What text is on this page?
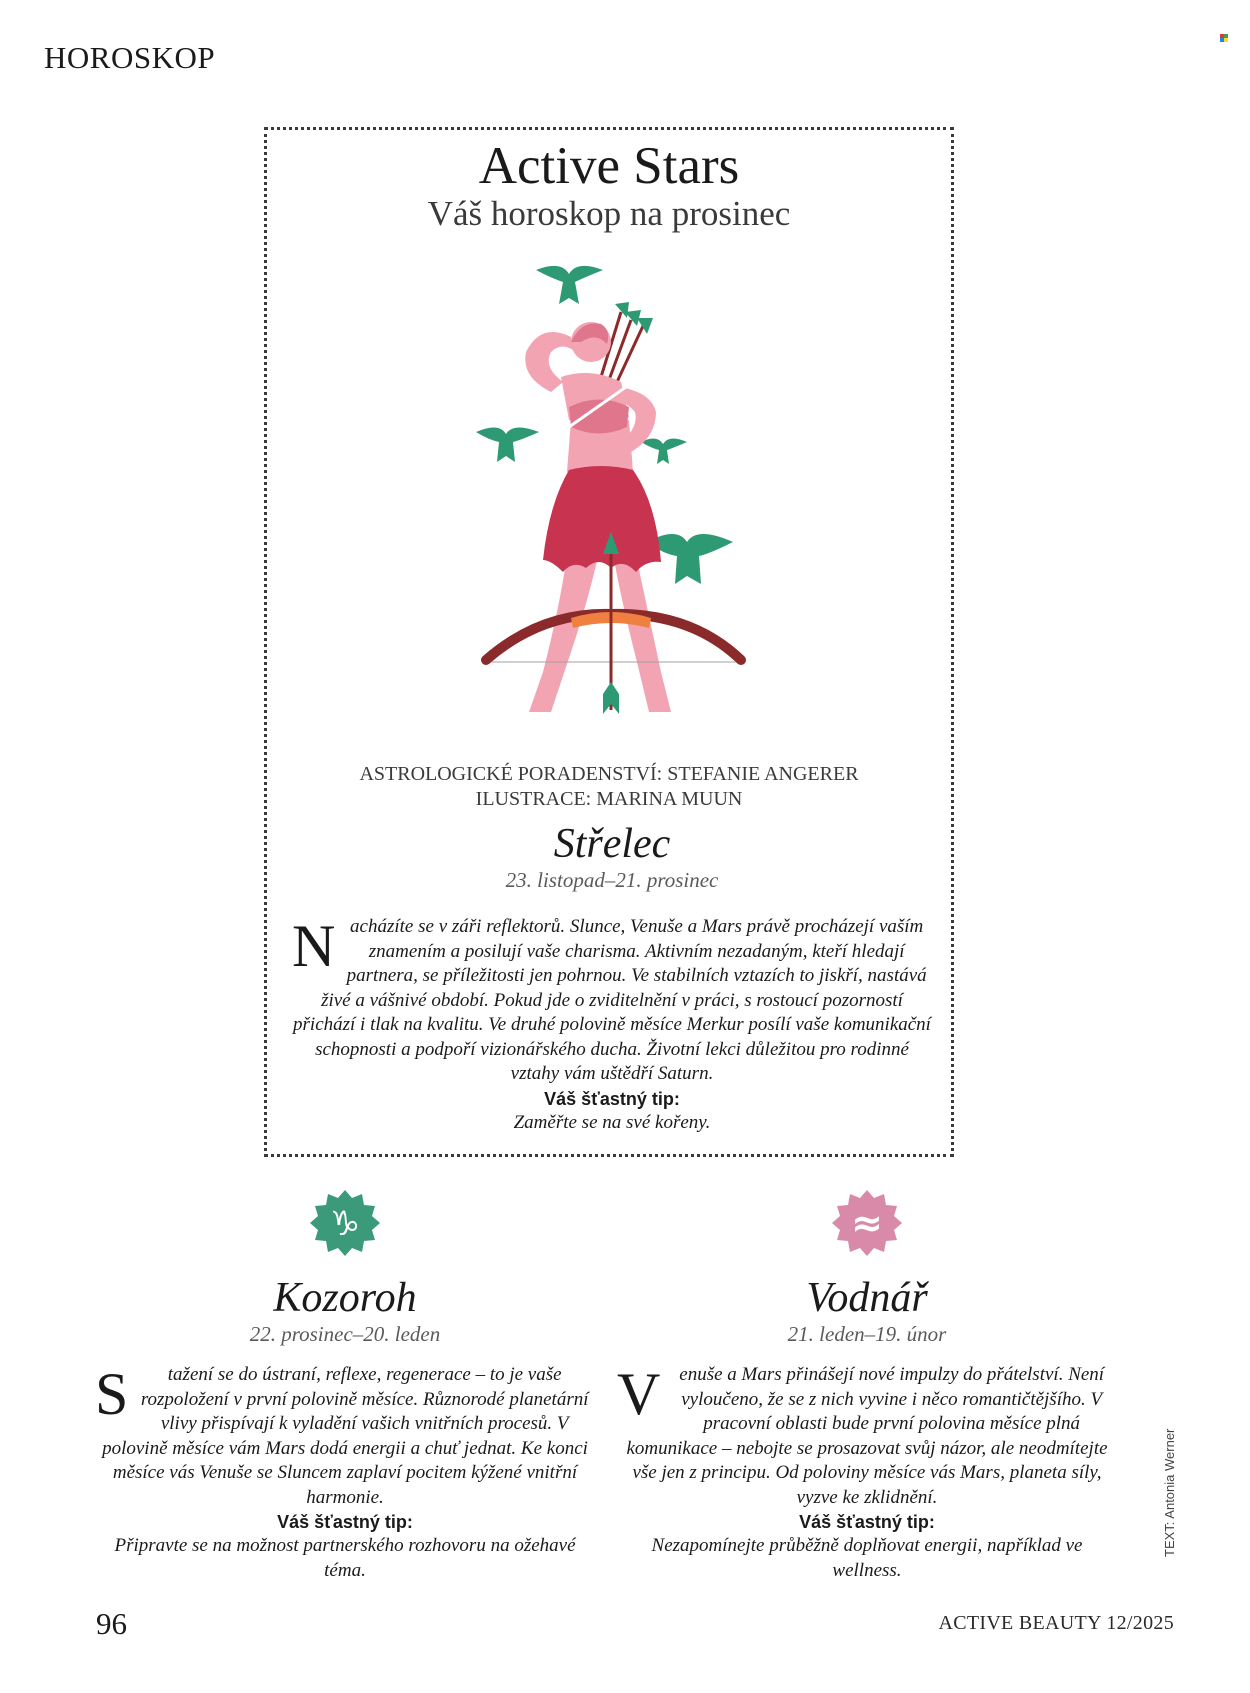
HOROSKOP
Active Stars
Váš horoskop na prosinec
ASTROLOGICKÉ PORADENSTVÍ: STEFANIE ANGERER
ILUSTRACE: MARINA MUUN
Střelec
23. listopad–21. prosinec
Nacházíte se v záři reflektorů. Slunce, Venuše a Mars právě procházejí vaším znamením a posilují vaše charisma. Aktivním nezadaným, kteří hledají partnera, se příležitosti jen pohrnou. Ve stabilních vztazích to jiskří, nastává živé a vášnivé období. Pokud jde o zviditelnění v práci, s rostoucí pozorností přichází i tlak na kvalitu. Ve druhé polovině měsíce Merkur posílí vaše komunikační schopnosti a podpoří vizionářského ducha. Životní lekci důležitou pro rodinné vztahy vám uštědří Saturn.
Váš šťastný tip:
Zaměřte se na své kořeny.
♑
Kozoroh
22. prosinec–20. leden
S tažení se do ústraní, reflexe, regenerace – to je vaše rozpoložení v první polovině měsíce. Různorodé planetární vlivy přispívají k vyladění vašich vnitřních procesů. V polovině měsíce vám Mars dodá energii a chuť jednat. Ke konci měsíce vás Venuše se Sluncem zaplaví pocitem kýžené vnitřní harmonie.
Váš šťastný tip:
Připravte se na možnost partnerského rozhovoru na ožehavé téma.
≈
Vodnář
21. leden–19. únor
Venuše a Mars přinášejí nové impulzy do přátelství. Není vyloučeno, že se z nich vyvine i něco romantičtějšího. V pracovní oblasti bude první polovina měsíce plná komunikace – nebojte se prosazovat svůj názor, ale neodmítejte vše jen z principu. Od poloviny měsíce vás Mars, planeta síly, vyzve ke zklidnění.
Váš šťastný tip:
Nezapomínejte průběžně doplňovat energii, například ve wellness.
TEXT: Antonia Werner
96	ACTIVE BEAUTY 12/2025
